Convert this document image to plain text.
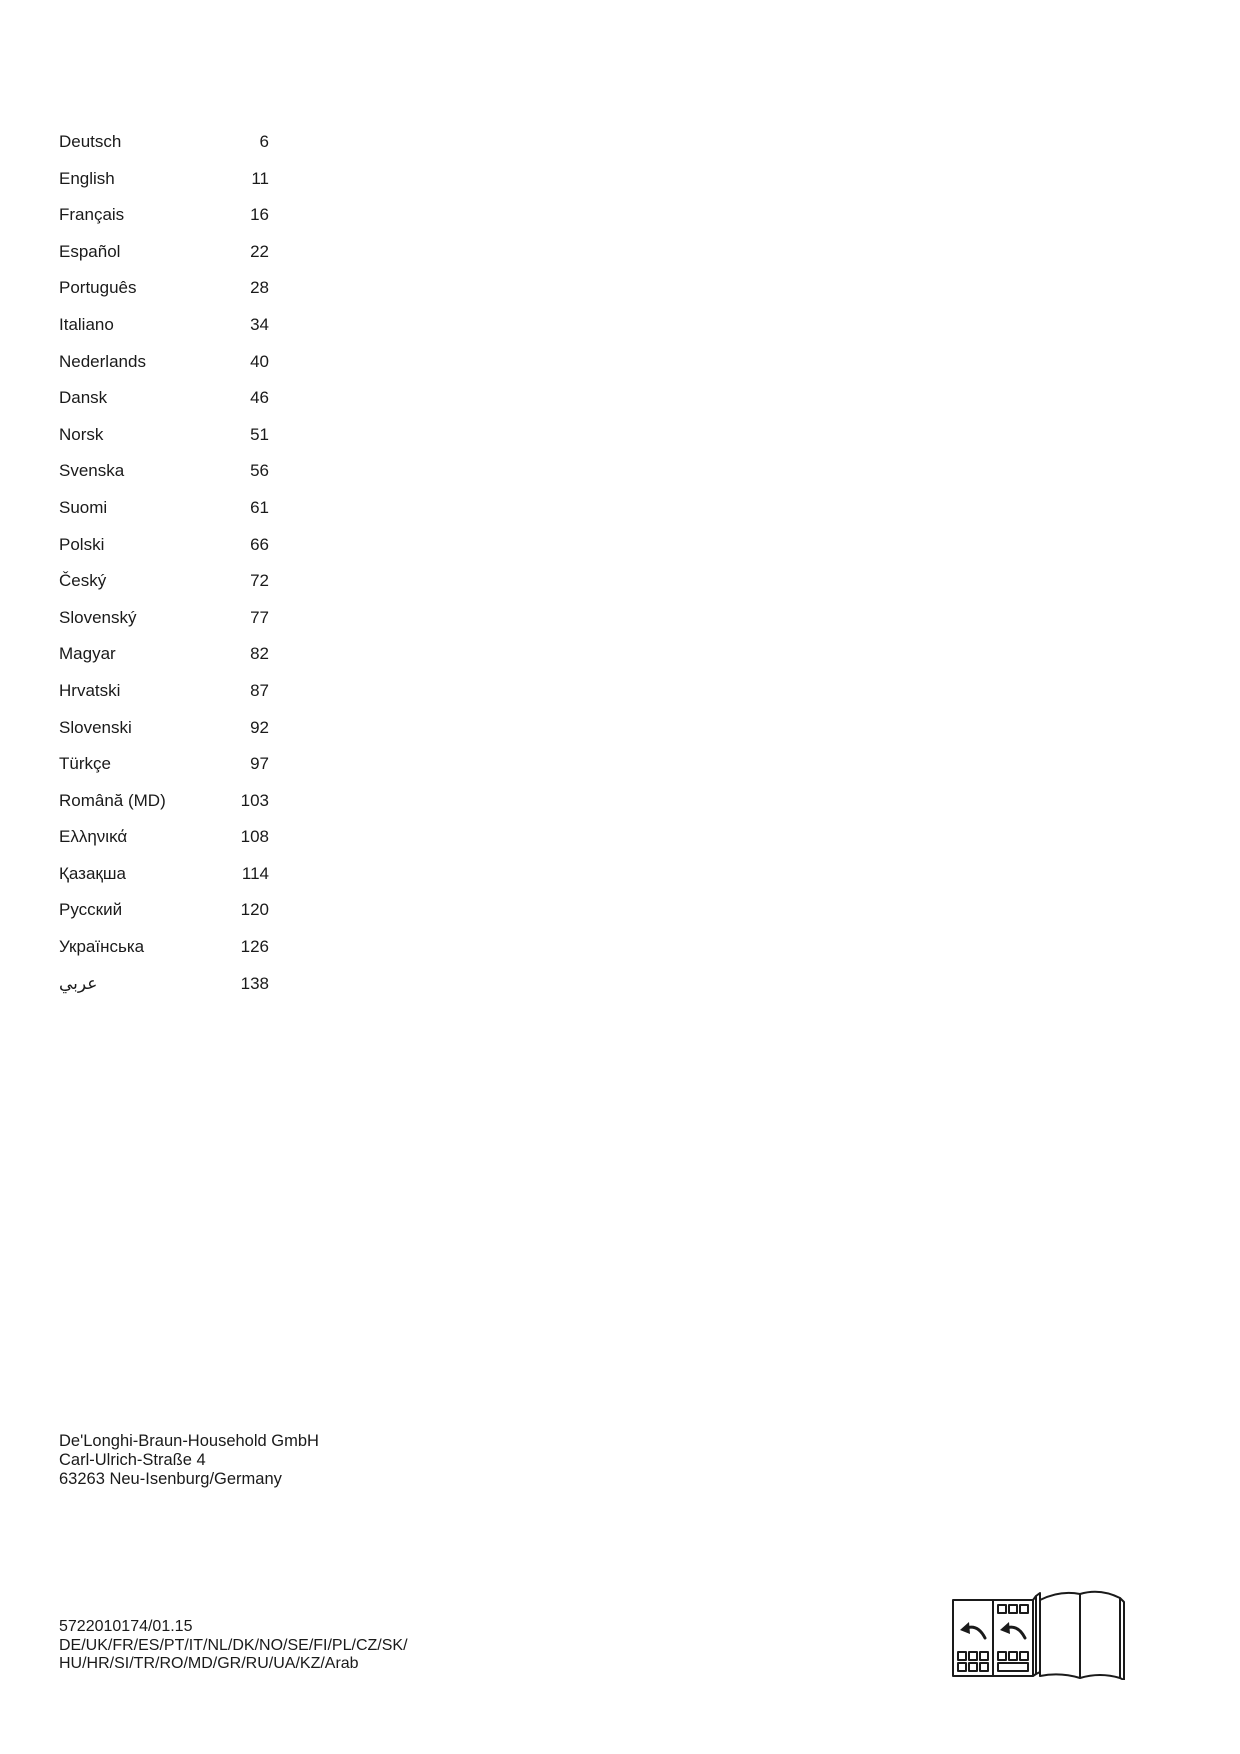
Deutsch	6
English	11
Français	16
Español	22
Português	28
Italiano	34
Nederlands	40
Dansk	46
Norsk	51
Svenska	56
Suomi	61
Polski	66
Český	72
Slovenský	77
Magyar	82
Hrvatski	87
Slovenski	92
Türkçe	97
Română (MD)	103
Ελληνικά	108
Қазақша	114
Русский	120
Українська	126
عربي	138
De'Longhi-Braun-Household GmbH
Carl-Ulrich-Straße 4
63263 Neu-Isenburg/Germany
5722010174/01.15
DE/UK/FR/ES/PT/IT/NL/DK/NO/SE/FI/PL/CZ/SK/
HU/HR/SI/TR/RO/MD/GR/RU/UA/KZ/Arab
